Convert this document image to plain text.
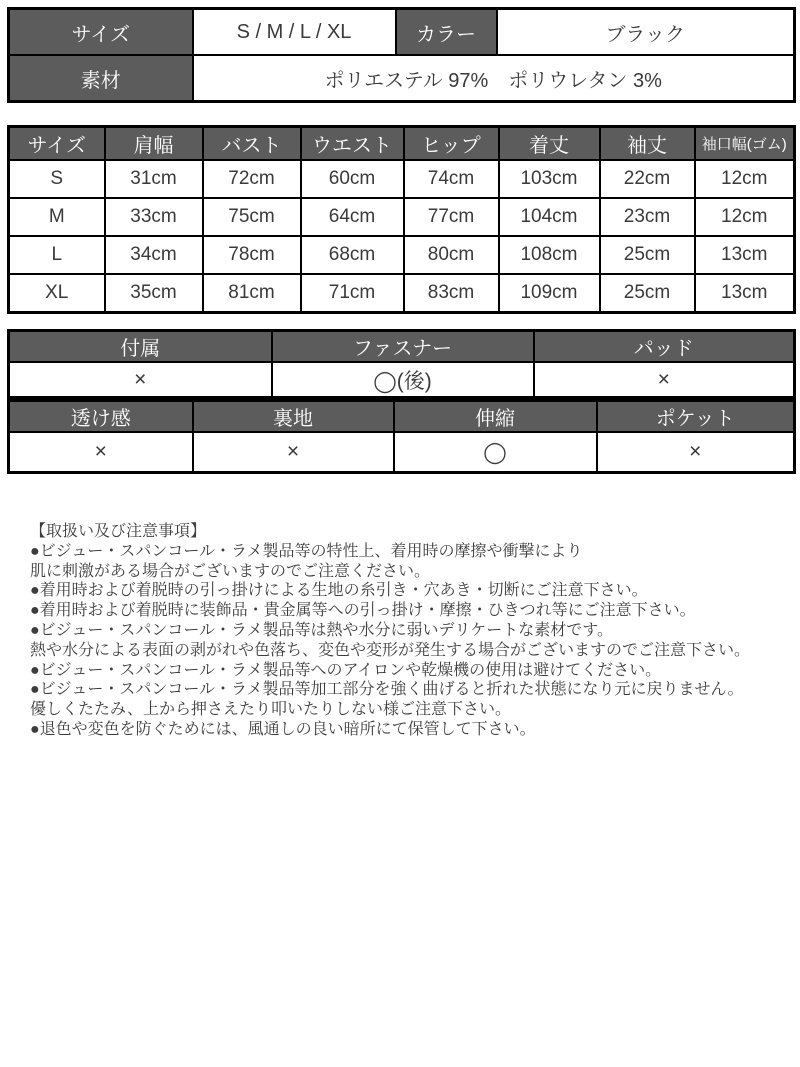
サイズ	S / M / L / XL	カラー	ブラック
素材	ポリエステル 97%　ポリウレタン 3%		
サイズ	肩幅	バスト	ウエスト	ヒップ	着丈	袖丈	袖口幅(ゴム)
S	31cm	72cm	60cm	74cm	103cm	22cm	12cm
M	33cm	75cm	64cm	77cm	104cm	23cm	12cm
L	34cm	78cm	68cm	80cm	108cm	25cm	13cm
XL	35cm	81cm	71cm	83cm	109cm	25cm	13cm
付属	ファスナー	パッド
×	◯(後)	×
透け感	裏地	伸縮	ポケット
×	×	◯	×
【取扱い及び注意事項】
●ビジュー・スパンコール・ラメ製品等の特性上、着用時の摩擦や衝撃により
肌に刺激がある場合がございますのでご注意ください。
●着用時および着脱時の引っ掛けによる生地の糸引き・穴あき・切断にご注意下さい。
●着用時および着脱時に装飾品・貴金属等への引っ掛け・摩擦・ひきつれ等にご注意下さい。
●ビジュー・スパンコール・ラメ製品等は熱や水分に弱いデリケートな素材です。
熱や水分による表面の剥がれや色落ち、変色や変形が発生する場合がございますのでご注意下さい。
●ビジュー・スパンコール・ラメ製品等へのアイロンや乾燥機の使用は避けてください。
●ビジュー・スパンコール・ラメ製品等加工部分を強く曲げると折れた状態になり元に戻りません。
優しくたたみ、上から押さえたり叩いたりしない様ご注意下さい。
●退色や変色を防ぐためには、風通しの良い暗所にて保管して下さい。
